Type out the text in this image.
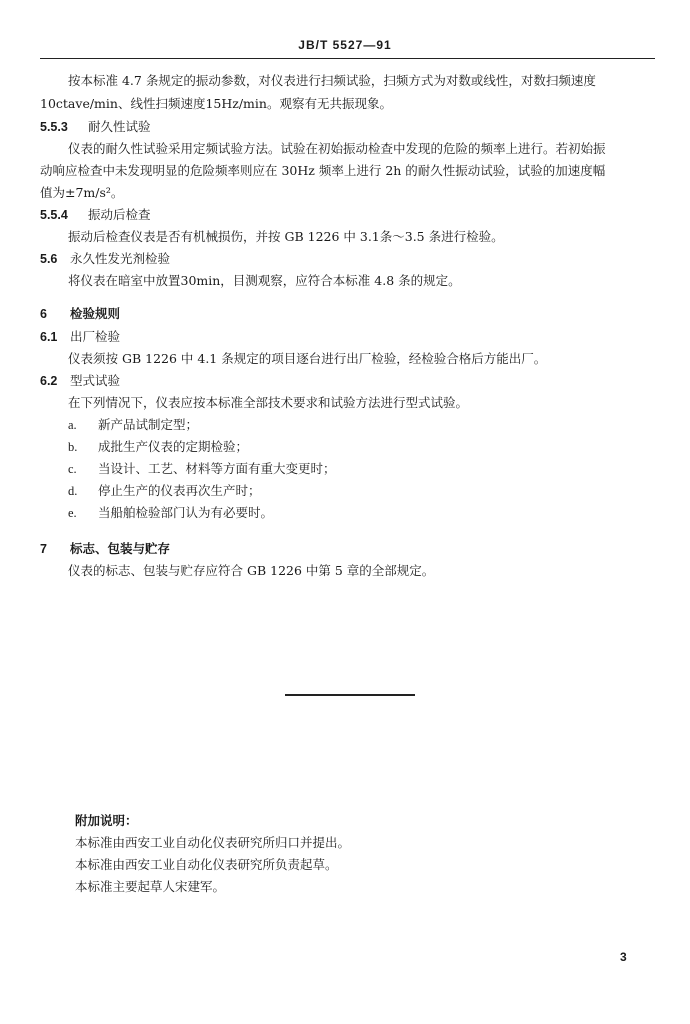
JB/T 5527—91
按本标准 4.7 条规定的振动参数，对仪表进行扫频试验，扫频方式为对数或线性，对数扫频速度
10ctave/min、线性扫频速度15Hz/min。观察有无共振现象。
5.5.3 耐久性试验
仪表的耐久性试验采用定频试验方法。试验在初始振动检查中发现的危险的频率上进行。若初始振
动响应检查中未发现明显的危险频率则应在 30Hz 频率上进行 2h 的耐久性振动试验，试验的加速度幅
值为±7m/s²。
5.5.4 振动后检查
振动后检查仪表是否有机械损伤，并按 GB 1226 中 3.1条～3.5 条进行检验。
5.6 永久性发光剂检验
将仪表在暗室中放置30min，目测观察，应符合本标准 4.8 条的规定。
6 检验规则
6.1 出厂检验
仪表须按 GB 1226 中 4.1 条规定的项目逐台进行出厂检验，经检验合格后方能出厂。
6.2 型式试验
在下列情况下，仪表应按本标准全部技术要求和试验方法进行型式试验。
a. 新产品试制定型；
b. 成批生产仪表的定期检验；
c. 当设计、工艺、材料等方面有重大变更时；
d. 停止生产的仪表再次生产时；
e. 当船舶检验部门认为有必要时。
7 标志、包装与贮存
仪表的标志、包装与贮存应符合 GB 1226 中第 5 章的全部规定。
附加说明：
本标准由西安工业自动化仪表研究所归口并提出。
本标准由西安工业自动化仪表研究所负责起草。
本标准主要起草人宋建军。
3
